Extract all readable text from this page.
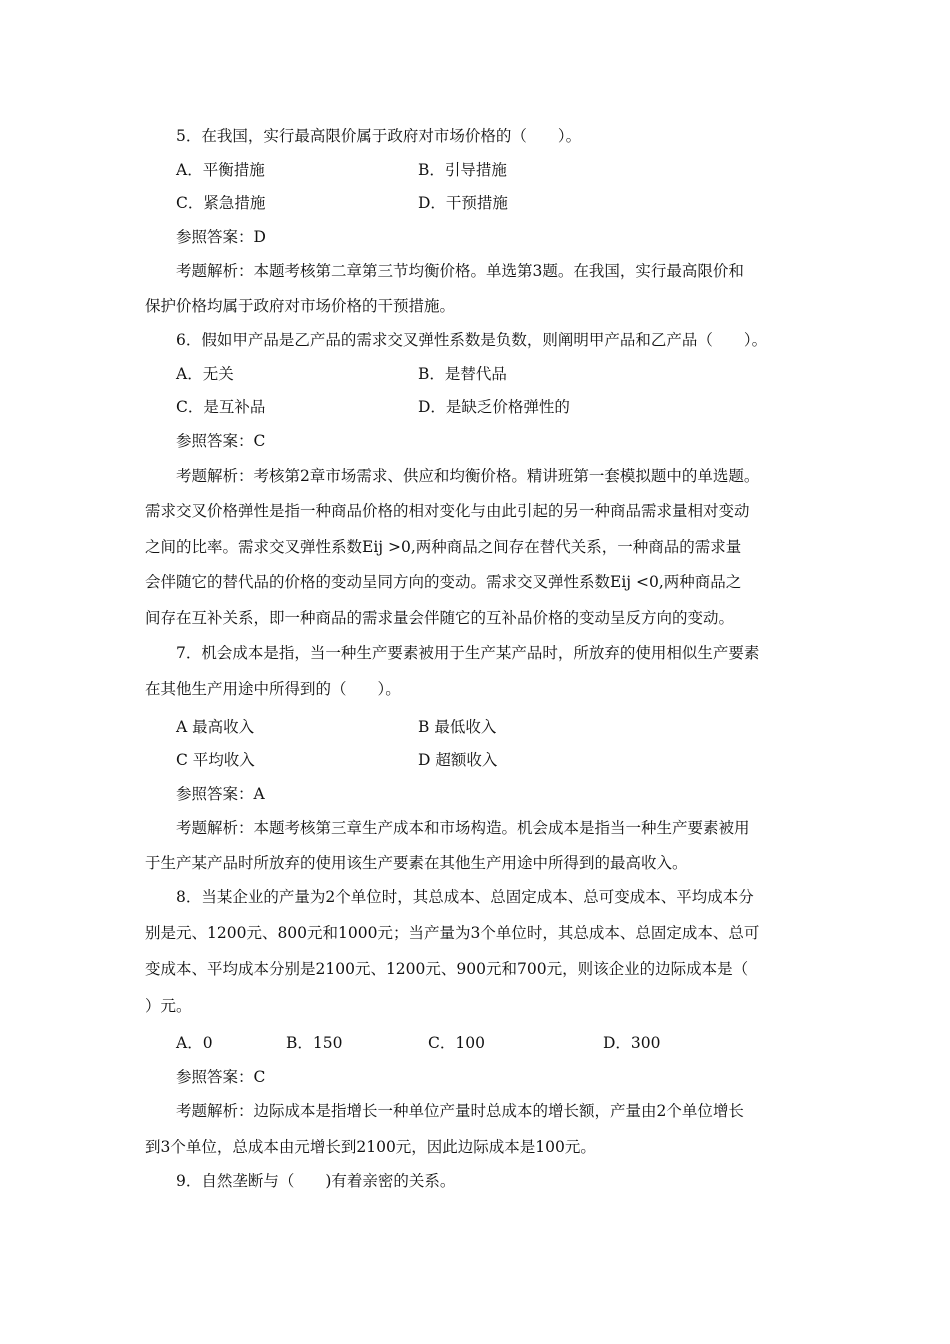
5．在我国，实行最高限价属于政府对市场价格的（　　）。
A．平衡措施	B．引导措施
C．紧急措施	D．干预措施
参照答案：D
考题解析：本题考核第二章第三节均衡价格。单选第3题。在我国，实行最高限价和
保护价格均属于政府对市场价格的干预措施。
6．假如甲产品是乙产品的需求交叉弹性系数是负数，则阐明甲产品和乙产品（　　）。
A．无关	B．是替代品
C．是互补品	D．是缺乏价格弹性的
参照答案：C
考题解析：考核第2章市场需求、供应和均衡价格。精讲班第一套模拟题中的单选题。
需求交叉价格弹性是指一种商品价格的相对变化与由此引起的另一种商品需求量相对变动
之间的比率。需求交叉弹性系数Eij >0,两种商品之间存在替代关系，一种商品的需求量
会伴随它的替代品的价格的变动呈同方向的变动。需求交叉弹性系数Eij <0,两种商品之
间存在互补关系，即一种商品的需求量会伴随它的互补品价格的变动呈反方向的变动。
7．机会成本是指，当一种生产要素被用于生产某产品时，所放弃的使用相似生产要素
在其他生产用途中所得到的（　　）。
A 最高收入	B 最低收入
C 平均收入	D 超额收入
参照答案：A
考题解析：本题考核第三章生产成本和市场构造。机会成本是指当一种生产要素被用
于生产某产品时所放弃的使用该生产要素在其他生产用途中所得到的最高收入。
8．当某企业的产量为2个单位时，其总成本、总固定成本、总可变成本、平均成本分
别是元、1200元、800元和1000元；当产量为3个单位时，其总成本、总固定成本、总可
变成本、平均成本分别是2100元、1200元、900元和700元，则该企业的边际成本是（
）元。
A．0	B．150	C．100	D．300
参照答案：C
考题解析：边际成本是指增长一种单位产量时总成本的增长额，产量由2个单位增长
到3个单位，总成本由元增长到2100元，因此边际成本是100元。
9．自然垄断与（　　)有着亲密的关系。
